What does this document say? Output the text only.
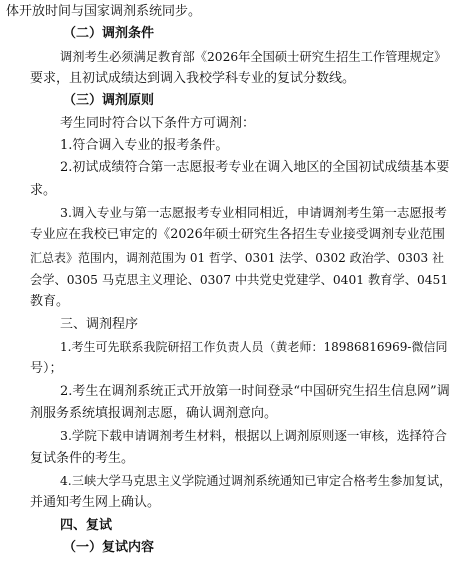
体开放时间与国家调剂系统同步。
（二）调剂条件
调剂考生必须满足教育部《2026年全国硕士研究生招生工作管理规定》
要求，且初试成绩达到调入我校学科专业的复试分数线。
（三）调剂原则
考生同时符合以下条件方可调剂：
1.符合调入专业的报考条件。
2.初试成绩符合第一志愿报考专业在调入地区的全国初试成绩基本要
求。
3.调入专业与第一志愿报考专业相同相近，申请调剂考生第一志愿报考
专业应在我校已审定的《2026年硕士研究生各招生专业接受调剂专业范围
汇总表》范围内，调剂范围为 01 哲学、0301 法学、0302 政治学、0303 社
会学、0305 马克思主义理论、0307 中共党史党建学、0401 教育学、0451
教育。
三、调剂程序
1.考生可先联系我院研招工作负责人员（黄老师：18986816969-微信同
号）；
2.考生在调剂系统正式开放第一时间登录“中国研究生招生信息网”调
剂服务系统填报调剂志愿，确认调剂意向。
3.学院下载申请调剂考生材料，根据以上调剂原则逐一审核，选择符合
复试条件的考生。
4.三峡大学马克思主义学院通过调剂系统通知已审定合格考生参加复试，
并通知考生网上确认。
四、复试
（一）复试内容
